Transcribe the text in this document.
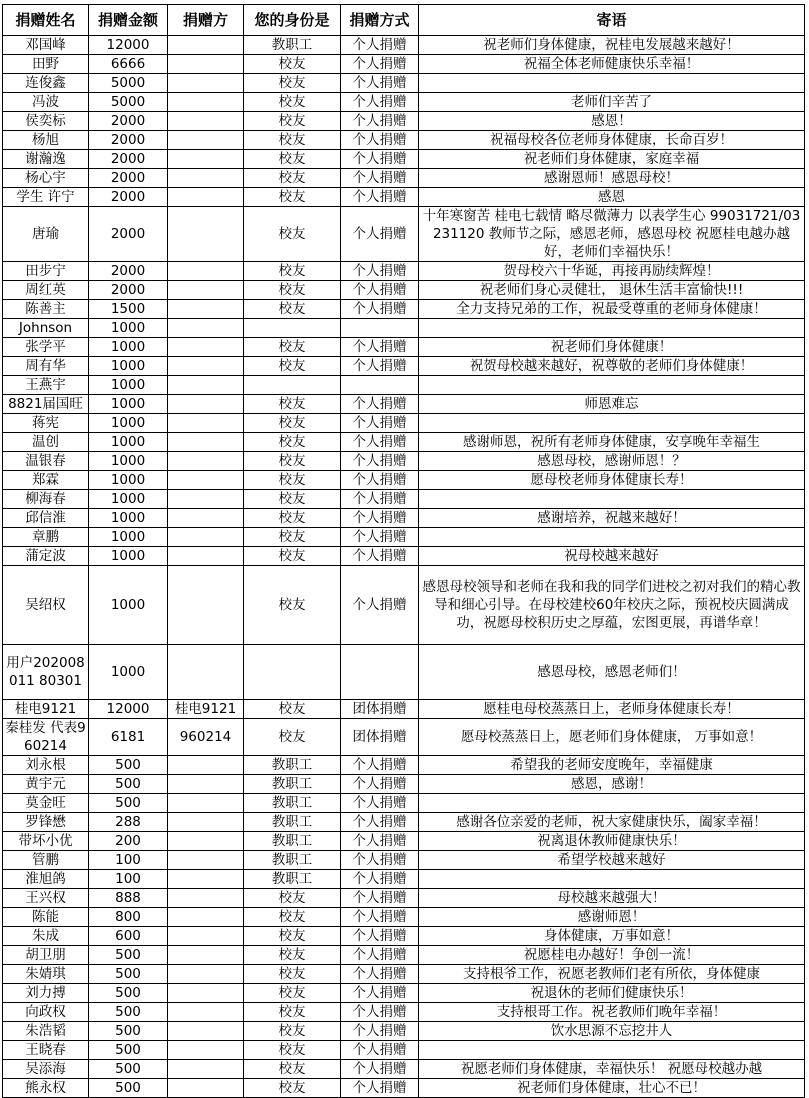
捐赠姓名	捐赠金额	捐赠方	您的身份是	捐赠方式	寄语
邓国峰	12000		教职工	个人捐赠	祝老师们身体健康，祝桂电发展越来越好！
田野	6666		校友	个人捐赠	祝福全体老师健康快乐幸福！
连俊鑫	5000		校友	个人捐赠	
冯波	5000		校友	个人捐赠	老师们辛苦了
侯奕标	2000		校友	个人捐赠	感恩！
杨旭	2000		校友	个人捐赠	祝福母校各位老师身体健康，长命百岁！
谢瀚逸	2000		校友	个人捐赠	祝老师们身体健康，家庭幸福
杨心宇	2000		校友	个人捐赠	感谢恩师！感恩母校！
学生 许宁	2000		校友	个人捐赠	感恩
唐瑜	2000		校友	个人捐赠	十年寒窗苦 桂电七载情 略尽微薄力 以表学生心 99031721/03231120 教师节之际，感恩老师，感恩母校 祝愿桂电越办越好，老师们幸福快乐！
田步宁	2000		校友	个人捐赠	贺母校六十华诞，再接再励续辉煌！
周红英	2000		校友	个人捐赠	祝老师们身心灵健壮， 退休生活丰富愉快!!!
陈善主	1500		校友	个人捐赠	全力支持兄弟的工作，祝最受尊重的老师身体健康！
Johnson	1000				
张学平	1000		校友	个人捐赠	祝老师们身体健康！
周有华	1000		校友	个人捐赠	祝贺母校越来越好，祝尊敬的老师们身体健康！
王燕宇	1000				
8821届国旺	1000		校友	个人捐赠	师恩难忘
蒋宪	1000		校友	个人捐赠	
温创	1000		校友	个人捐赠	感谢师恩，祝所有老师身体健康，安享晚年幸福生
温银春	1000		校友	个人捐赠	感恩母校，感谢师恩！？
郑霖	1000		校友	个人捐赠	愿母校老师身体健康长寿！
柳海春	1000		校友	个人捐赠	
邱信淮	1000		校友	个人捐赠	感谢培养，祝越来越好！
章鹏	1000		校友	个人捐赠	
蒲定波	1000		校友	个人捐赠	祝母校越来越好
吴绍权	1000		校友	个人捐赠	感恩母校领导和老师在我和我的同学们进校之初对我们的精心教导和细心引导。在母校建校60年校庆之际，预祝校庆圆满成功，祝愿母校积历史之厚蕴，宏图更展，再谱华章！
用户202008011 80301	1000				感恩母校，感恩老师们！
桂电9121	12000	桂电9121	校友	团体捐赠	愿桂电母校蒸蒸日上，老师身体健康长寿！
秦桂发 代表960214	6181	960214	校友	团体捐赠	愿母校蒸蒸日上，愿老师们身体健康， 万事如意！
刘永根	500		教职工	个人捐赠	希望我的老师安度晚年，幸福健康
黄宇元	500		教职工	个人捐赠	感恩，感谢！
莫金旺	500		教职工	个人捐赠	
罗锋懋	288		教职工	个人捐赠	感谢各位亲爱的老师，祝大家健康快乐，阖家幸福！
带坏小优	200		教职工	个人捐赠	祝离退休教师健康快乐！
管鹏	100		教职工	个人捐赠	希望学校越来越好
淮旭鸽	100		教职工	个人捐赠	
王兴权	888		校友	个人捐赠	母校越来越强大！
陈能	800		校友	个人捐赠	感谢师恩！
朱成	600		校友	个人捐赠	身体健康，万事如意！
胡卫朋	500		校友	个人捐赠	祝愿桂电办越好！争创一流！
朱婧琪	500		校友	个人捐赠	支持根爷工作，祝愿老教师们老有所依，身体健康
刘力搏	500		校友	个人捐赠	祝退休的老师们健康快乐！
向政权	500		校友	个人捐赠	支持根哥工作。祝老教师们晚年幸福！
朱浩韬	500		校友	个人捐赠	饮水思源不忘挖井人
王晓春	500		校友	个人捐赠	
吴添海	500		校友	个人捐赠	祝愿老师们身体健康，幸福快乐！ 祝愿母校越办越
熊永权	500		校友	个人捐赠	祝老师们身体健康，壮心不已！
